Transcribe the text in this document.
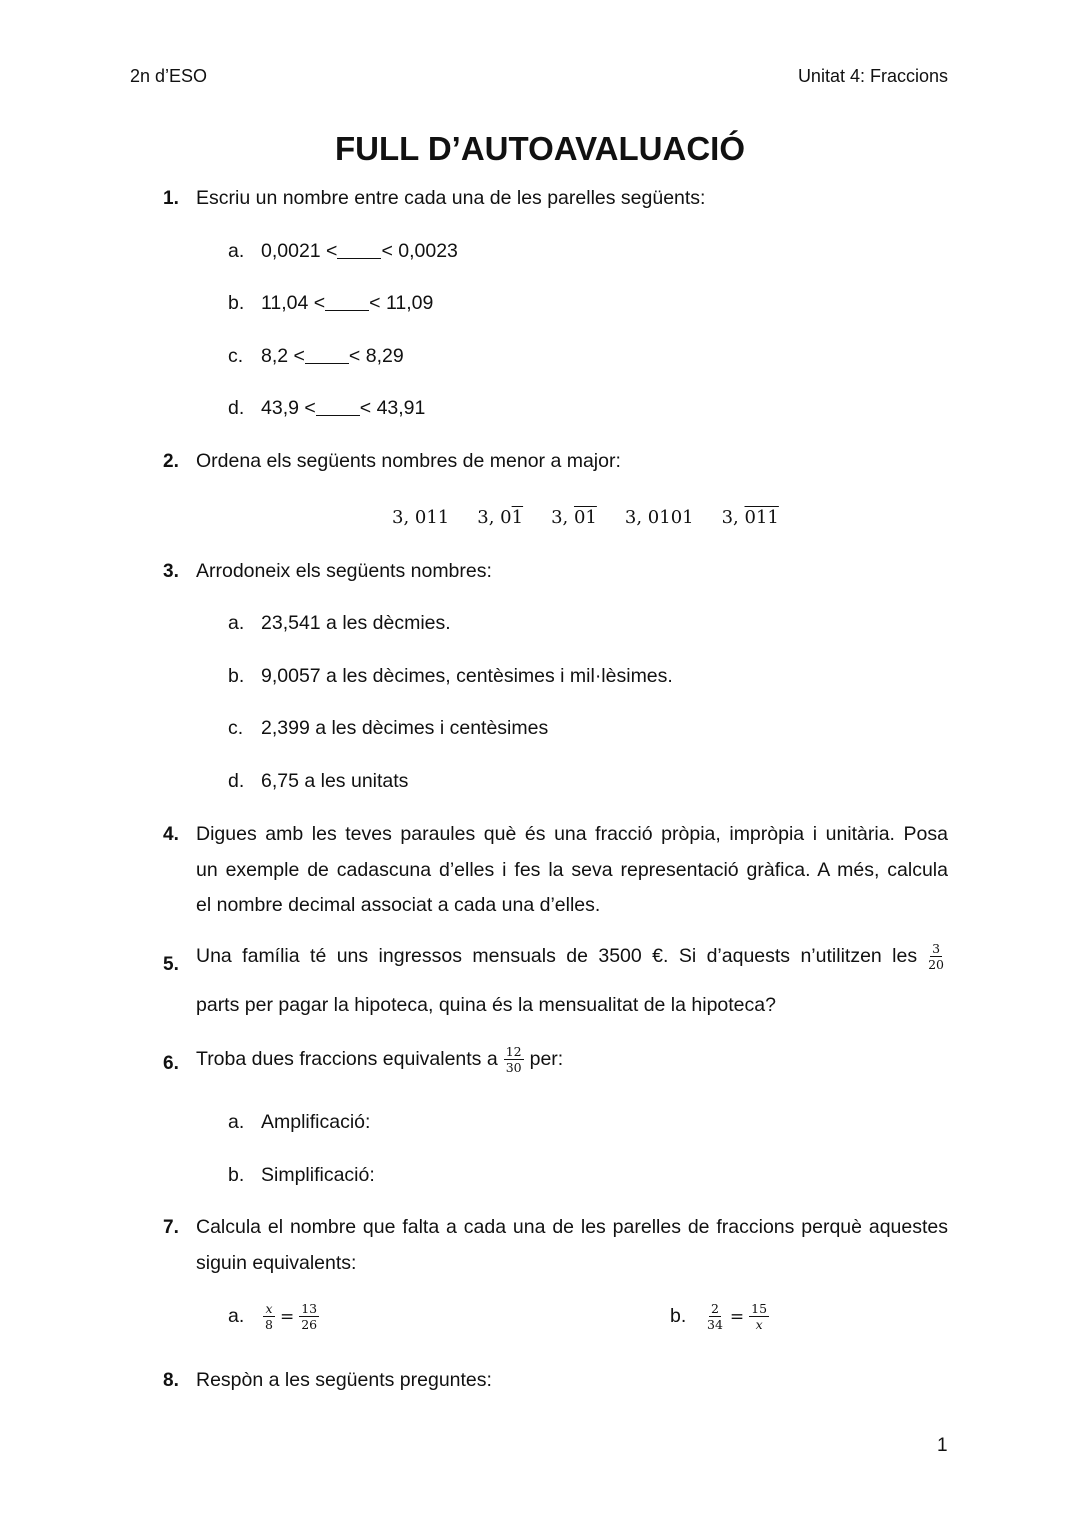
2n d’ESO	Unitat 4: Fraccions
FULL D’AUTOAVALUACIÓ
1. Escriu un nombre entre cada una de les parelles següents:
a. 0,0021 < < 0,0023
b. 11,04 < < 11,09
c. 8,2 < < 8,29
d. 43,9 < < 43,91
2. Ordena els següents nombres de menor a major:
3, 011 3, 01 3, 01 3, 0101 3, 011
3. Arrodoneix els següents nombres:
a. 23,541 a les dècmies.
b. 9,0057 a les dècimes, centèsimes i mil·lèsimes.
c. 2,399 a les dècimes i centèsimes
d. 6,75 a les unitats
4. Digues amb les teves paraules què és una fracció pròpia, impròpia i unitària. Posa
un exemple de cadascuna d’elles i fes la seva representació gràfica. A més, calcula
el nombre decimal associat a cada una d’elles.
5. Una família té uns ingressos mensuals de 3500 €. Si d’aquests n’utilitzen les $\frac{3}{20}$
parts per pagar la hipoteca, quina és la mensualitat de la hipoteca?
6. Troba dues fraccions equivalents a $\frac{12}{30}$ per:
a. Amplificació:
b. Simplificació:
7. Calcula el nombre que falta a cada una de les parelles de fraccions perquè aquestes
siguin equivalents:
a.	$\frac{x}{8} = \frac{13}{26}$	b.	$\frac{2}{34} = \frac{15}{x}$
8. Respòn a les següents preguntes:
1
